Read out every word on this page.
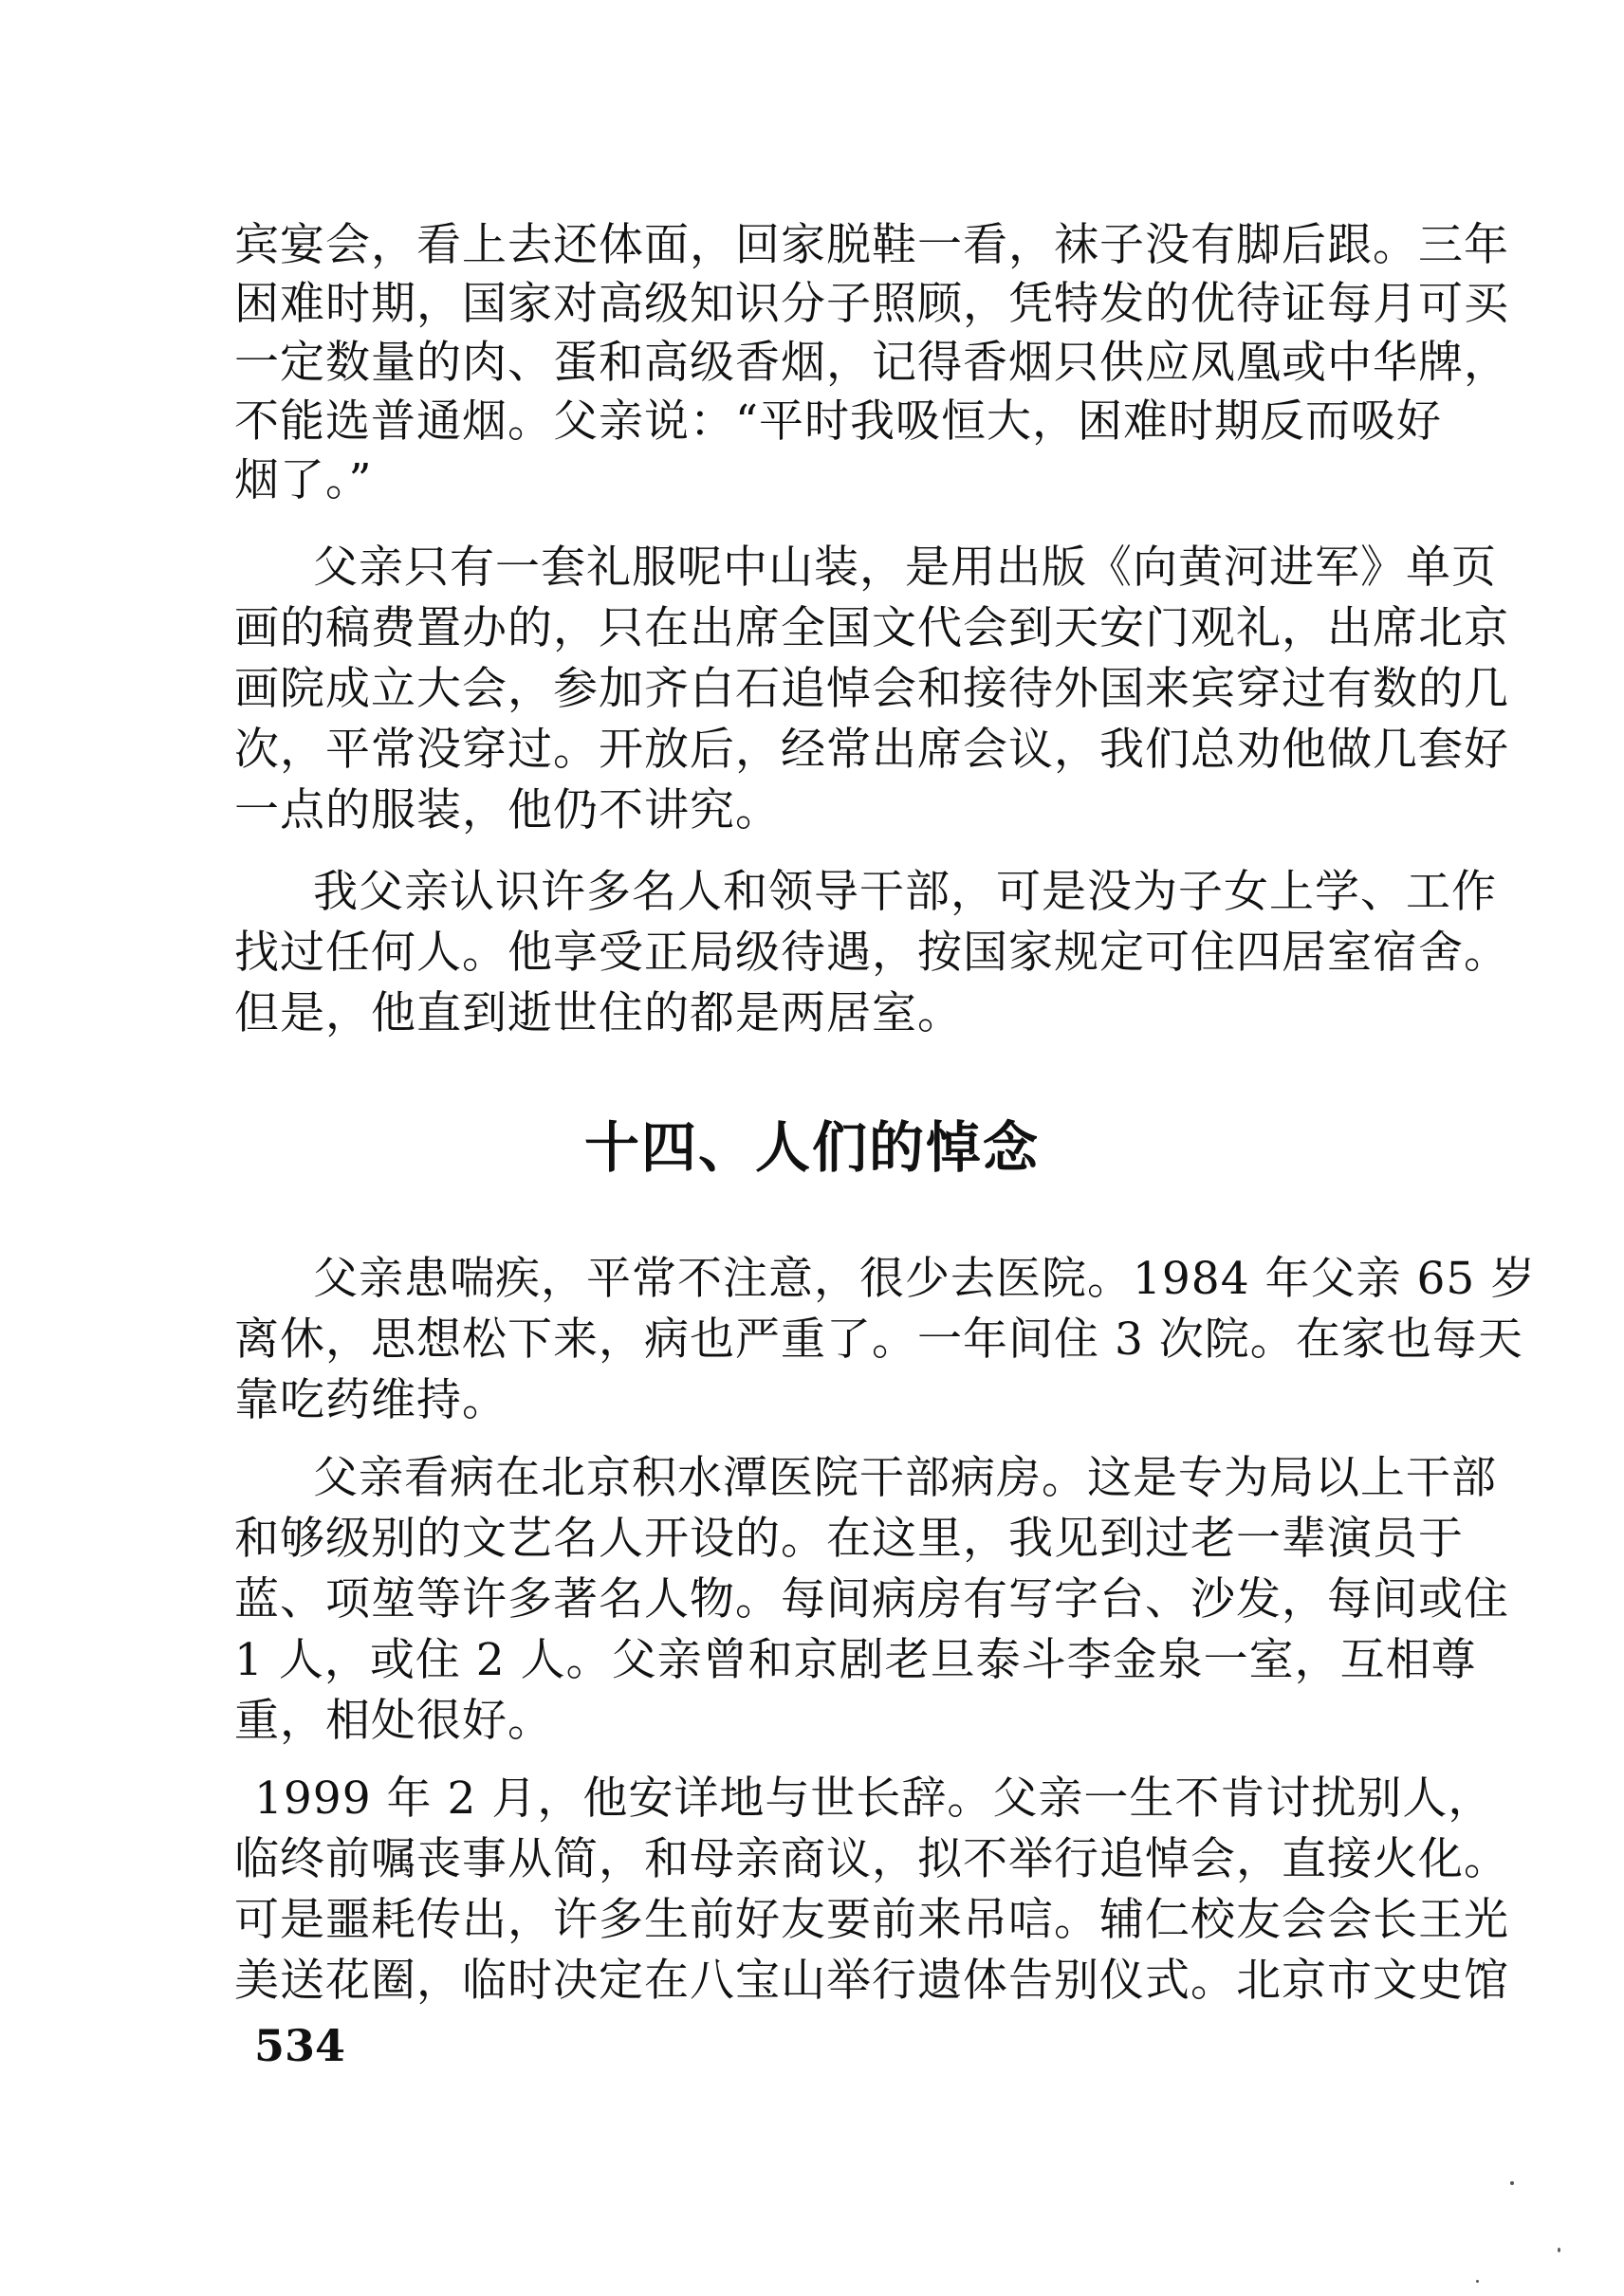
宾宴会，看上去还体面，回家脱鞋一看，袜子没有脚后跟。三年
困难时期，国家对高级知识分子照顾，凭特发的优待证每月可买
一定数量的肉、蛋和高级香烟，记得香烟只供应凤凰或中华牌，
不能选普通烟。父亲说：“平时我吸恒大，困难时期反而吸好
烟了。”
父亲只有一套礼服呢中山装，是用出版《向黄河进军》单页
画的稿费置办的，只在出席全国文代会到天安门观礼，出席北京
画院成立大会，参加齐白石追悼会和接待外国来宾穿过有数的几
次，平常没穿过。开放后，经常出席会议，我们总劝他做几套好
一点的服装，他仍不讲究。
我父亲认识许多名人和领导干部，可是没为子女上学、工作
找过任何人。他享受正局级待遇，按国家规定可住四居室宿舍。
但是，他直到逝世住的都是两居室。
十四、人们的悼念
父亲患喘疾，平常不注意，很少去医院。1984 年父亲 65 岁
离休，思想松下来，病也严重了。一年间住 3 次院。在家也每天
靠吃药维持。
父亲看病在北京积水潭医院干部病房。这是专为局以上干部
和够级别的文艺名人开设的。在这里，我见到过老一辈演员于
蓝、项堃等许多著名人物。每间病房有写字台、沙发，每间或住
1 人，或住 2 人。父亲曾和京剧老旦泰斗李金泉一室，互相尊
重，相处很好。
1999 年 2 月，他安详地与世长辞。父亲一生不肯讨扰别人，
临终前嘱丧事从简，和母亲商议，拟不举行追悼会，直接火化。
可是噩耗传出，许多生前好友要前来吊唁。辅仁校友会会长王光
美送花圈，临时决定在八宝山举行遗体告别仪式。北京市文史馆
534
